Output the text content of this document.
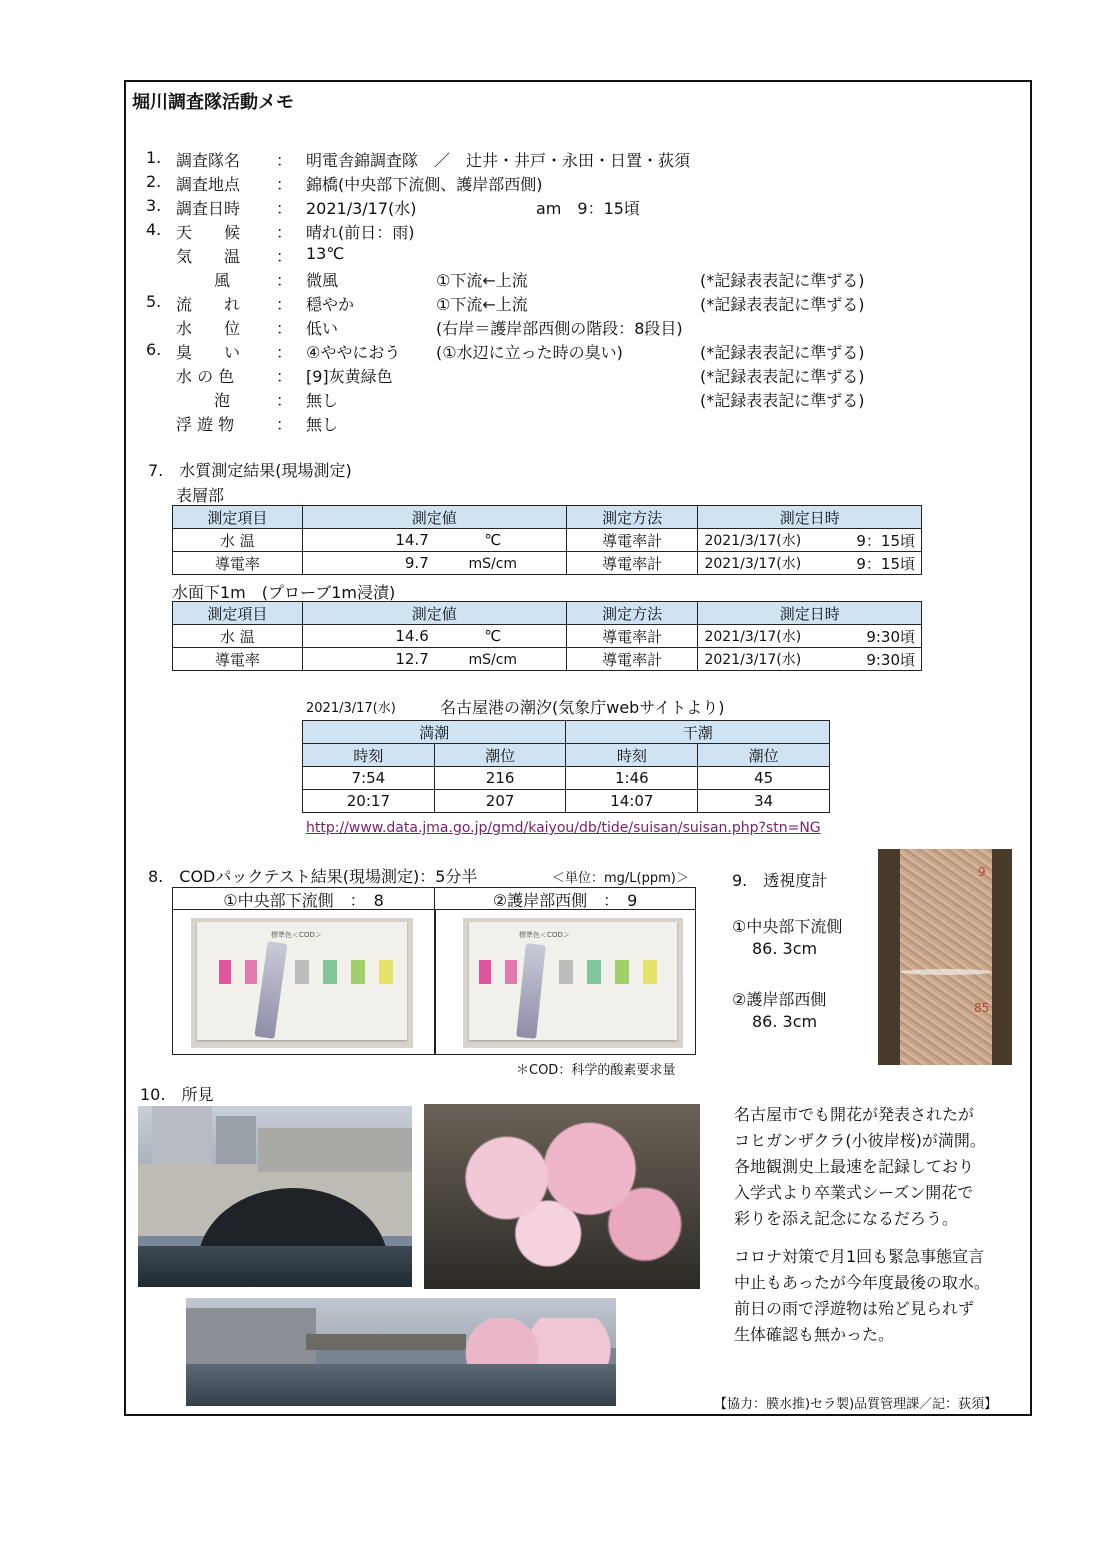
堀川調査隊活動メモ
1. 調査隊名 ： 明電舎錦調査隊　／　辻井・井戸・永田・日置・荻須
2. 調査地点 ： 錦橋(中央部下流側、護岸部西側)
3. 調査日時 ： 2021/3/17(水)	am　9：15頃
4. 天　　候 ： 晴れ(前日：雨)
気　　温 ： 13℃
風	： 微風	①下流←上流	(*記録表表記に準ずる)
5. 流　　れ ： 穏やか	①下流←上流	(*記録表表記に準ずる)
水　　位 ： 低い	(右岸＝護岸部西側の階段：8段目)
6. 臭　　い ： ④ややにおう (①水辺に立った時の臭い)	(*記録表表記に準ずる)
水 の 色	： [9]灰黄緑色	(*記録表表記に準ずる)
泡	： 無し	(*記録表表記に準ずる)
浮 遊 物	： 無し
7.　水質測定結果(現場測定)
表層部
測定項目	測定値	測定方法	測定日時
水 温	14.7 ℃	導電率計	2021/3/17(水) 9：15頃

導電率	9.7 mS/cm	導電率計	2021/3/17(水) 9：15頃
水面下1m　(プローブ1m浸漬)
測定項目	測定値	測定方法	測定日時
水 温	14.6 ℃	導電率計	2021/3/17(水) 9:30頃

導電率	12.7 mS/cm	導電率計	2021/3/17(水) 9:30頃
2021/3/17(水)	名古屋港の潮汐(気象庁webサイトより)
満潮		干潮	
時刻	潮位	時刻	潮位
7:54	216	1:46	45
20:17	207	14:07	34
http://www.data.jma.go.jp/gmd/kaiyou/db/tide/suisan/suisan.php?stn=NG
8.　CODパックテスト結果(現場測定)：5分半	＜単位：mg/L(ppm)＞
①中央部下流側　：　8	②護岸部西側　：　9
標準色＜COD＞	標準色＜COD＞
＊COD：科学的酸素要求量
9.　透視度計
①中央部下流側
86. 3cm
②護岸部西側
86. 3cm
9
85
10.　所見
名古屋市でも開花が発表されたが
コヒガンザクラ(小彼岸桜)が満開。
各地観測史上最速を記録しており
入学式より卒業式シーズン開花で
彩りを添え記念になるだろう。
コロナ対策で月1回も緊急事態宣言
中止もあったが今年度最後の取水。
前日の雨で浮遊物は殆ど見られず
生体確認も無かった。
【協力：膜水推)セラ製)品質管理課／記：荻須】
